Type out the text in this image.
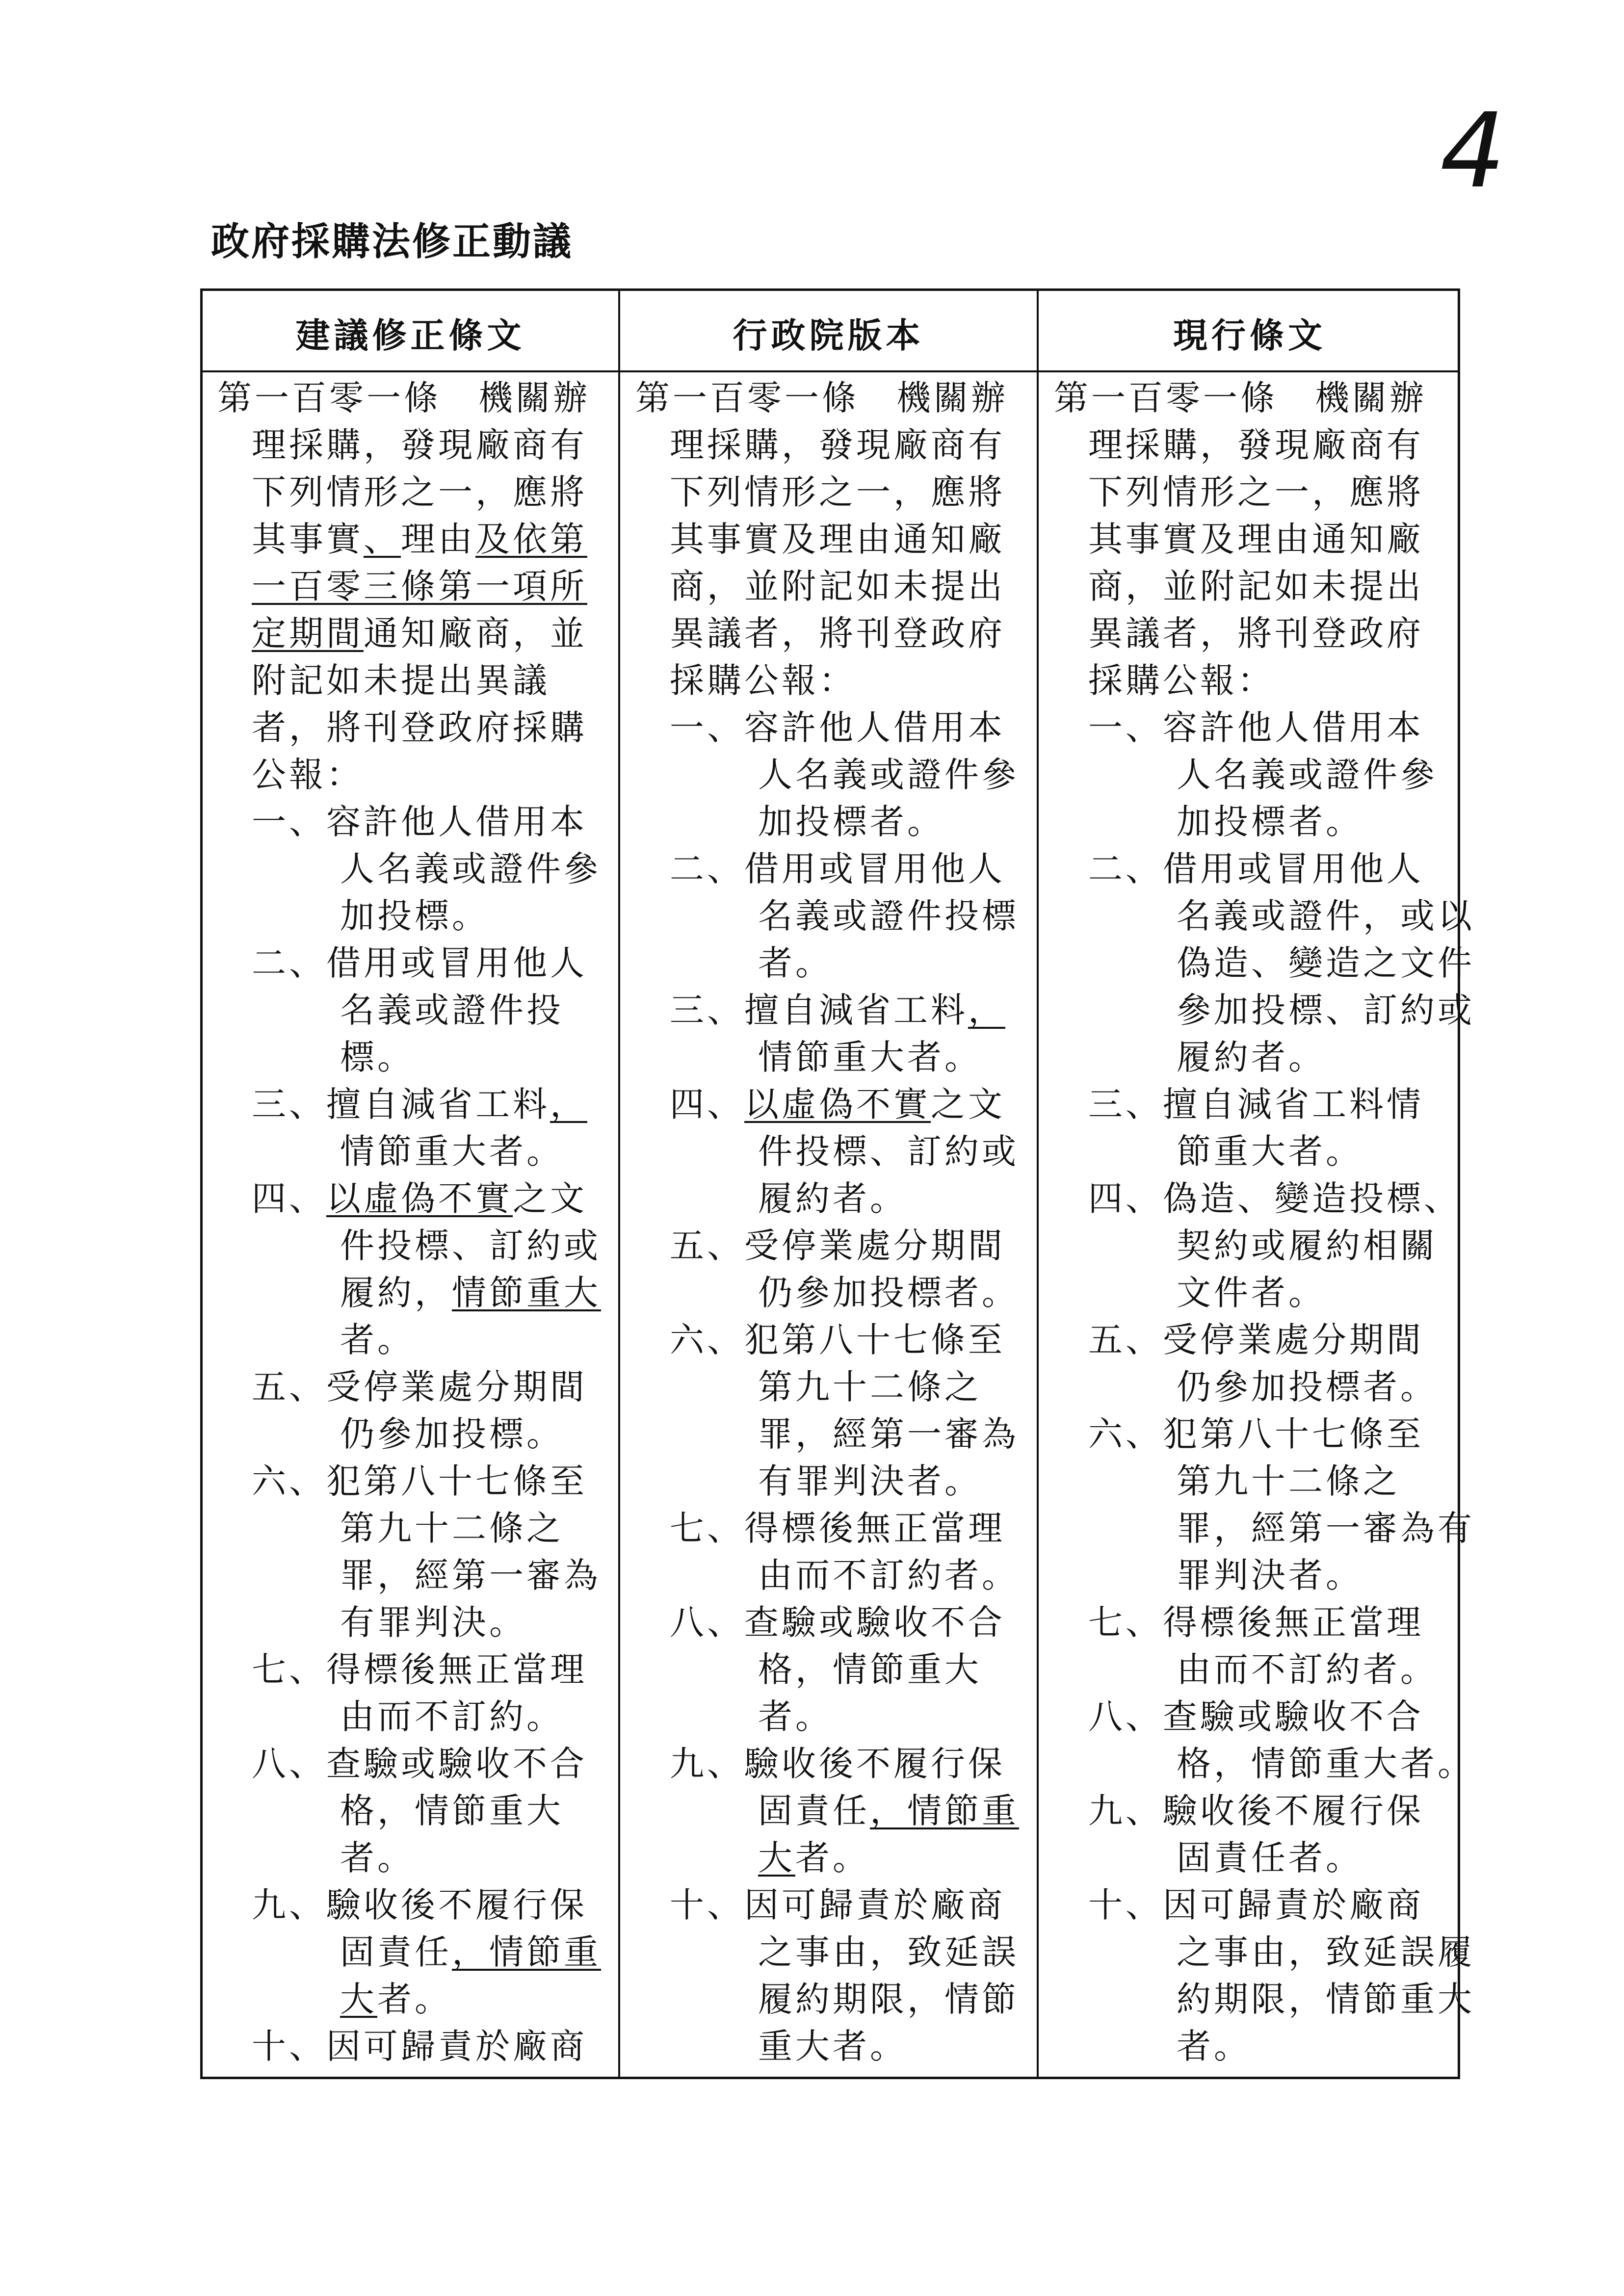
4
政府採購法修正動議
建議修正條文	行政院版本	現行條文
第一百零一條　機關辦
理採購，發現廠商有
下列情形之一，應將
其事實、理由及依第
一百零三條第一項所
定期間通知廠商，並
附記如未提出異議
者，將刊登政府採購
公報：
一、容許他人借用本
人名義或證件參
加投標。
二、借用或冒用他人
名義或證件投
標。
三、擅自減省工料，
情節重大者。
四、以虛偽不實之文
件投標、訂約或
履約，情節重大
者。
五、受停業處分期間
仍參加投標。
六、犯第八十七條至
第九十二條之
罪，經第一審為
有罪判決。
七、得標後無正當理
由而不訂約。
八、查驗或驗收不合
格，情節重大
者。
九、驗收後不履行保
固責任，情節重
大者。
十、因可歸責於廠商
第一百零一條　機關辦
理採購，發現廠商有
下列情形之一，應將
其事實及理由通知廠
商，並附記如未提出
異議者，將刊登政府
採購公報：
一、容許他人借用本
人名義或證件參
加投標者。
二、借用或冒用他人
名義或證件投標
者。
三、擅自減省工料，
情節重大者。
四、以虛偽不實之文
件投標、訂約或
履約者。
五、受停業處分期間
仍參加投標者。
六、犯第八十七條至
第九十二條之
罪，經第一審為
有罪判決者。
七、得標後無正當理
由而不訂約者。
八、查驗或驗收不合
格，情節重大
者。
九、驗收後不履行保
固責任，情節重
大者。
十、因可歸責於廠商
之事由，致延誤
履約期限，情節
重大者。
第一百零一條　機關辦
理採購，發現廠商有
下列情形之一，應將
其事實及理由通知廠
商，並附記如未提出
異議者，將刊登政府
採購公報：
一、容許他人借用本
人名義或證件參
加投標者。
二、借用或冒用他人
名義或證件，或以
偽造、變造之文件
參加投標、訂約或
履約者。
三、擅自減省工料情
節重大者。
四、偽造、變造投標、
契約或履約相關
文件者。
五、受停業處分期間
仍參加投標者。
六、犯第八十七條至
第九十二條之
罪，經第一審為有
罪判決者。
七、得標後無正當理
由而不訂約者。
八、查驗或驗收不合
格，情節重大者。
九、驗收後不履行保
固責任者。
十、因可歸責於廠商
之事由，致延誤履
約期限，情節重大
者。
